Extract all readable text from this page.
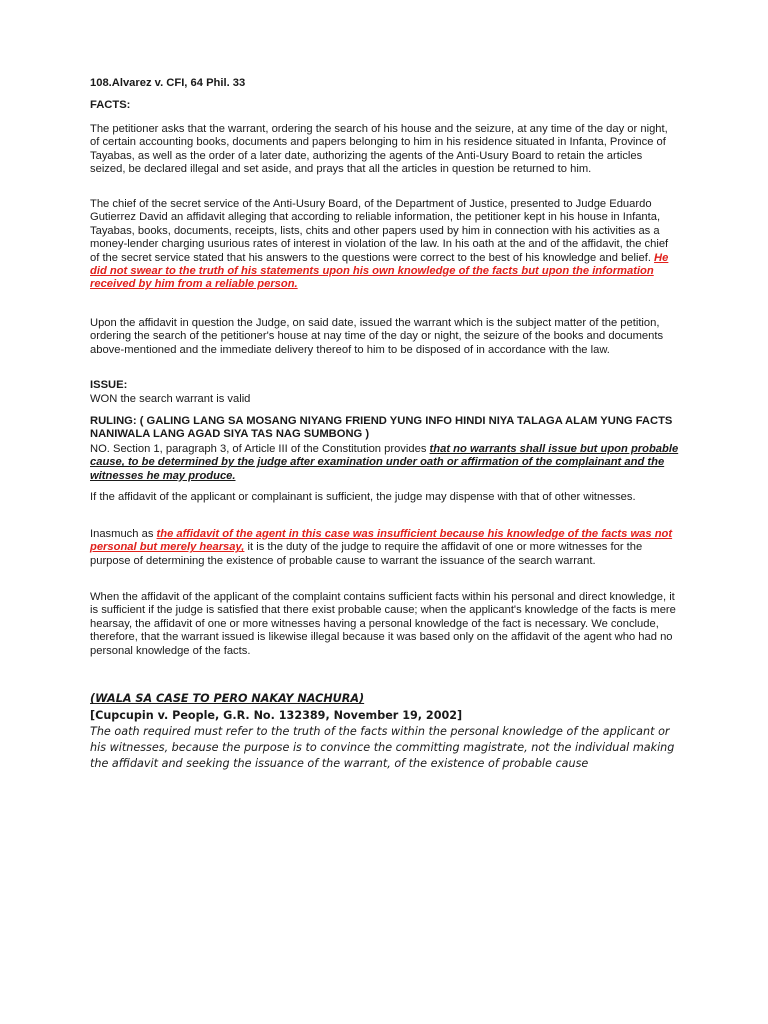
108.Alvarez v. CFI, 64 Phil. 33
FACTS:
The petitioner asks that the warrant, ordering the search of his house and the seizure, at any time of the day or night, of certain accounting books, documents and papers belonging to him in his residence situated in Infanta, Province of Tayabas, as well as the order of a later date, authorizing the agents of the Anti-Usury Board to retain the articles seized, be declared illegal and set aside, and prays that all the articles in question be returned to him.
The chief of the secret service of the Anti-Usury Board, of the Department of Justice, presented to Judge Eduardo Gutierrez David an affidavit alleging that according to reliable information, the petitioner kept in his house in Infanta, Tayabas, books, documents, receipts, lists, chits and other papers used by him in connection with his activities as a money-lender charging usurious rates of interest in violation of the law. In his oath at the and of the affidavit, the chief of the secret service stated that his answers to the questions were correct to the best of his knowledge and belief. He did not swear to the truth of his statements upon his own knowledge of the facts but upon the information received by him from a reliable person.
Upon the affidavit in question the Judge, on said date, issued the warrant which is the subject matter of the petition, ordering the search of the petitioner's house at nay time of the day or night, the seizure of the books and documents above-mentioned and the immediate delivery thereof to him to be disposed of in accordance with the law.
ISSUE:
WON the search warrant is valid
RULING: ( GALING LANG SA MOSANG NIYANG FRIEND YUNG INFO HINDI NIYA TALAGA ALAM YUNG FACTS NANIWALA LANG AGAD SIYA TAS NAG SUMBONG )
NO. Section 1, paragraph 3, of Article III of the Constitution provides that no warrants shall issue but upon probable cause, to be determined by the judge after examination under oath or affirmation of the complainant and the witnesses he may produce.
If the affidavit of the applicant or complainant is sufficient, the judge may dispense with that of other witnesses.
Inasmuch as the affidavit of the agent in this case was insufficient because his knowledge of the facts was not personal but merely hearsay, it is the duty of the judge to require the affidavit of one or more witnesses for the purpose of determining the existence of probable cause to warrant the issuance of the search warrant.
When the affidavit of the applicant of the complaint contains sufficient facts within his personal and direct knowledge, it is sufficient if the judge is satisfied that there exist probable cause; when the applicant's knowledge of the facts is mere hearsay, the affidavit of one or more witnesses having a personal knowledge of the fact is necessary. We conclude, therefore, that the warrant issued is likewise illegal because it was based only on the affidavit of the agent who had no personal knowledge of the facts.
(WALA SA CASE TO PERO NAKAY NACHURA)
[Cupcupin v. People, G.R. No. 132389, November 19, 2002]
The oath required must refer to the truth of the facts within the personal knowledge of the applicant or his witnesses, because the purpose is to convince the committing magistrate, not the individual making the affidavit and seeking the issuance of the warrant, of the existence of probable cause
